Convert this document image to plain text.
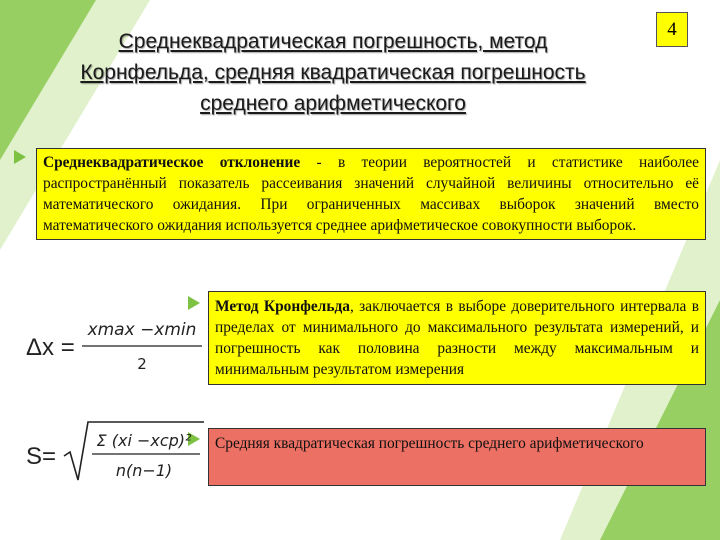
Среднеквадратическая погрешность, метод
Корнфельда, средняя квадратическая погрешность
среднего арифметического
4
Среднеквадратическое отклонение - в теории вероятностей и статистике наиболее распространённый показатель рассеивания значений случайной величины относительно её математического ожидания. При ограниченных массивах выборок значений вместо математического ожидания используется среднее арифметическое совокупности выборок.
Метод Кронфельда, заключается в выборе доверительного интервала в пределах от минимального до максимального результата измерений, и погрешность как половина разности между максимальным и минимальным результатом измерения
Средняя квадратическая погрешность среднего арифметического
Δx =
xmax −xmin
2
S=
Σ (xi −xср)²
n(n−1)
